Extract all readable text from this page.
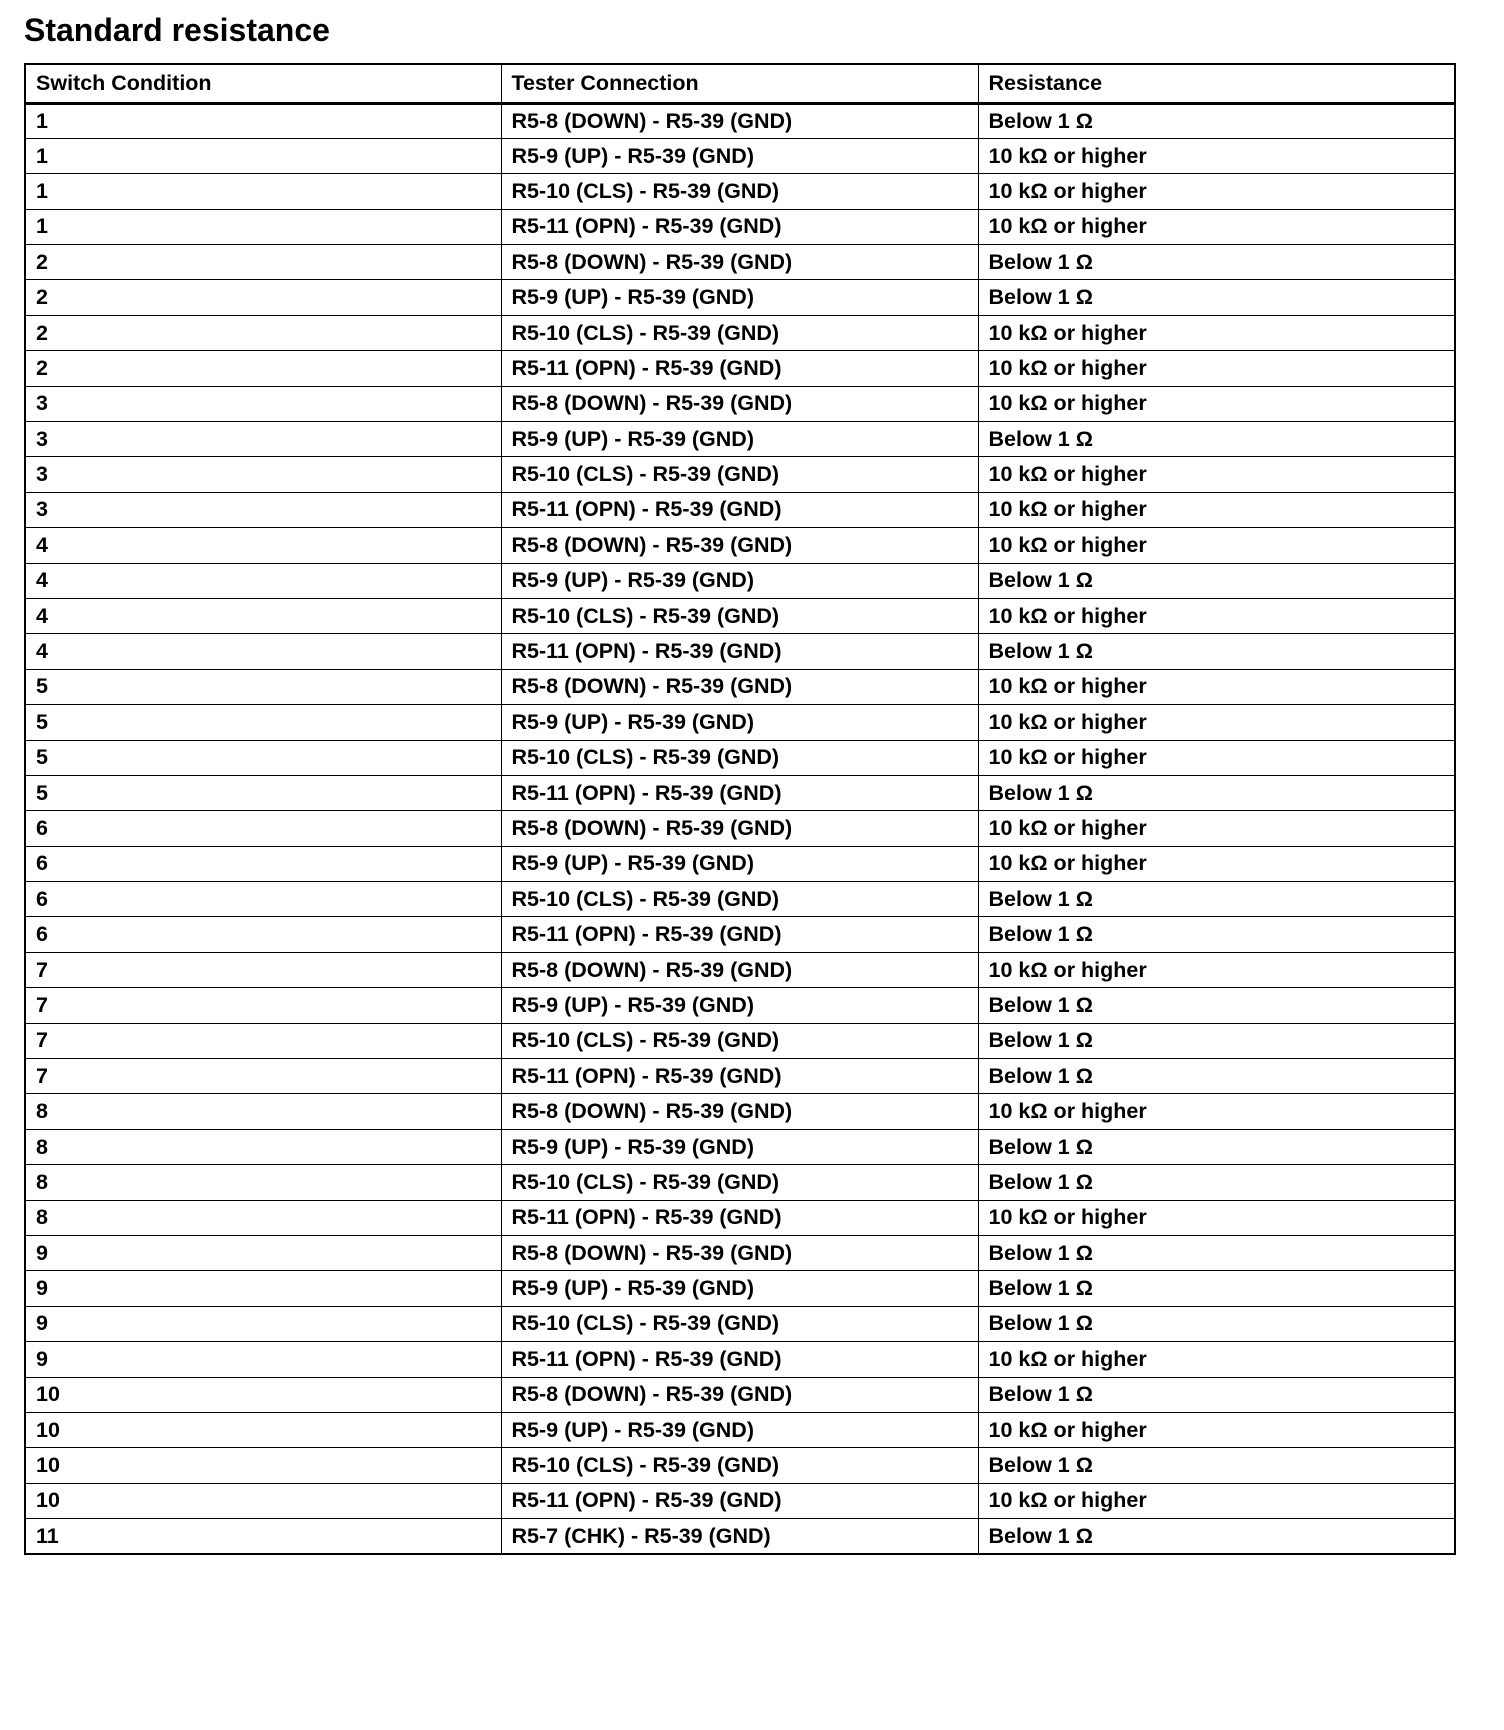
Standard resistance
Switch Condition	Tester Connection	Resistance
1	R5-8 (DOWN) - R5-39 (GND)	Below 1 Ω
1	R5-9 (UP) - R5-39 (GND)	10 kΩ or higher
1	R5-10 (CLS) - R5-39 (GND)	10 kΩ or higher
1	R5-11 (OPN) - R5-39 (GND)	10 kΩ or higher
2	R5-8 (DOWN) - R5-39 (GND)	Below 1 Ω
2	R5-9 (UP) - R5-39 (GND)	Below 1 Ω
2	R5-10 (CLS) - R5-39 (GND)	10 kΩ or higher
2	R5-11 (OPN) - R5-39 (GND)	10 kΩ or higher
3	R5-8 (DOWN) - R5-39 (GND)	10 kΩ or higher
3	R5-9 (UP) - R5-39 (GND)	Below 1 Ω
3	R5-10 (CLS) - R5-39 (GND)	10 kΩ or higher
3	R5-11 (OPN) - R5-39 (GND)	10 kΩ or higher
4	R5-8 (DOWN) - R5-39 (GND)	10 kΩ or higher
4	R5-9 (UP) - R5-39 (GND)	Below 1 Ω
4	R5-10 (CLS) - R5-39 (GND)	10 kΩ or higher
4	R5-11 (OPN) - R5-39 (GND)	Below 1 Ω
5	R5-8 (DOWN) - R5-39 (GND)	10 kΩ or higher
5	R5-9 (UP) - R5-39 (GND)	10 kΩ or higher
5	R5-10 (CLS) - R5-39 (GND)	10 kΩ or higher
5	R5-11 (OPN) - R5-39 (GND)	Below 1 Ω
6	R5-8 (DOWN) - R5-39 (GND)	10 kΩ or higher
6	R5-9 (UP) - R5-39 (GND)	10 kΩ or higher
6	R5-10 (CLS) - R5-39 (GND)	Below 1 Ω
6	R5-11 (OPN) - R5-39 (GND)	Below 1 Ω
7	R5-8 (DOWN) - R5-39 (GND)	10 kΩ or higher
7	R5-9 (UP) - R5-39 (GND)	Below 1 Ω
7	R5-10 (CLS) - R5-39 (GND)	Below 1 Ω
7	R5-11 (OPN) - R5-39 (GND)	Below 1 Ω
8	R5-8 (DOWN) - R5-39 (GND)	10 kΩ or higher
8	R5-9 (UP) - R5-39 (GND)	Below 1 Ω
8	R5-10 (CLS) - R5-39 (GND)	Below 1 Ω
8	R5-11 (OPN) - R5-39 (GND)	10 kΩ or higher
9	R5-8 (DOWN) - R5-39 (GND)	Below 1 Ω
9	R5-9 (UP) - R5-39 (GND)	Below 1 Ω
9	R5-10 (CLS) - R5-39 (GND)	Below 1 Ω
9	R5-11 (OPN) - R5-39 (GND)	10 kΩ or higher
10	R5-8 (DOWN) - R5-39 (GND)	Below 1 Ω
10	R5-9 (UP) - R5-39 (GND)	10 kΩ or higher
10	R5-10 (CLS) - R5-39 (GND)	Below 1 Ω
10	R5-11 (OPN) - R5-39 (GND)	10 kΩ or higher
11	R5-7 (CHK) - R5-39 (GND)	Below 1 Ω
